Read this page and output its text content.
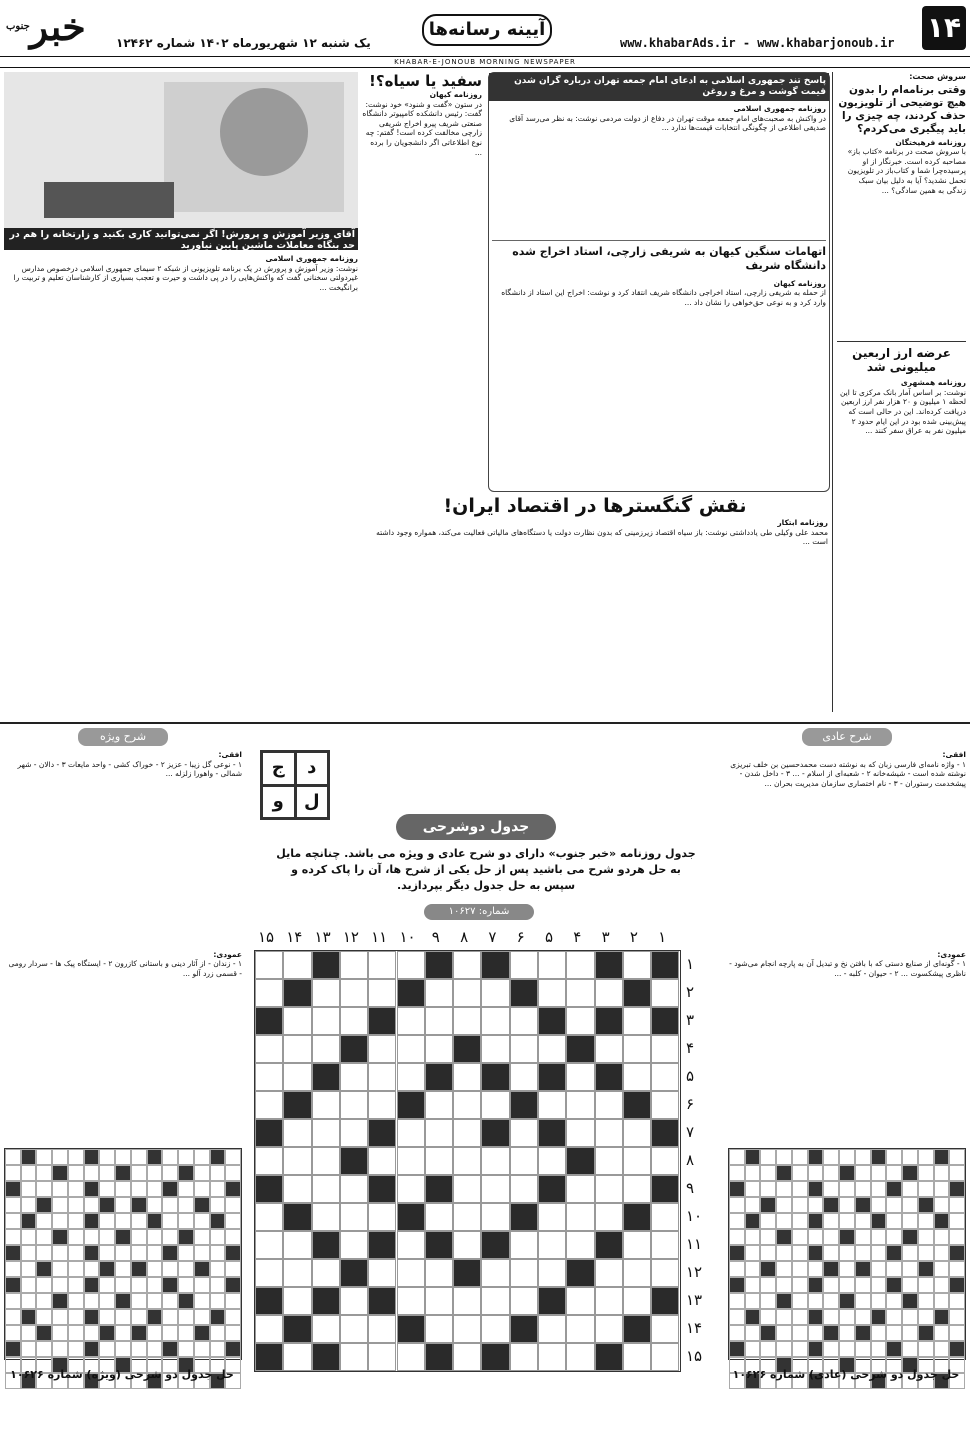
۱۴
www.khabarAds.ir - www.khabarjonoub.ir
آیینه رسانه‌ها
خبر$^{جنوب}$
یک شنبه ۱۲ شهریورماه ۱۴۰۲ شماره ۱۲۴۶۲
KHABAR-E-JONOUB MORNING NEWSPAPER
سروش صحت:
وقتی برنامه‌ام را بدون هیچ توضیحی از تلویزیون حذف کردند، چه چیزی را باید پیگیری می‌کردم؟
روزنامه فرهیختگان
با سروش صحت در برنامه «کتاب باز» مصاحبه کرده است. خبرنگار از او پرسیده‌چرا شما و کتاب‌باز در تلویزیون تحمل نشدید؟ آیا به دلیل بیان سبک زندگی به همین سادگی؟ ...
عرضه ارز اربعین میلیونی شد
روزنامه همشهری
نوشت: بر اساس آمار بانک مرکزی تا این لحظه ۱ میلیون و ۲۰ هزار نفر ارز اربعین دریافت کرده‌اند. این در حالی است که پیش‌بینی شده بود در این ایام حدود ۲ میلیون نفر به عراق سفر کنند ...
پاسخ تند جمهوری اسلامی به ادعای امام جمعه تهران درباره گران شدن قیمت گوشت و مرغ و روغن
روزنامه جمهوری اسلامی
در واکنش به صحبت‌های امام جمعه موقت تهران در دفاع از دولت مردمی نوشت: به نظر می‌رسد آقای صدیقی اطلاعی از چگونگی انتخابات قیمت‌ها ندارد ...
اتهامات سنگین کیهان به شریفی زارچی، استاد اخراج شده دانشگاه شریف
روزنامه کیهان
از حمله به شریفی زارچی، استاد اخراجی دانشگاه شریف انتقاد کرد و نوشت: اخراج این استاد از دانشگاه وارد کرد و به نوعی حق‌خواهی را نشان داد ...
سفید یا سیاه؟!
روزنامه کیهان
در ستون «گفت و شنود» خود نوشت: گفت: رئیس دانشکده کامپیوتر دانشگاه صنعتی شریف پیرو اخراج شریفی زارچی مخالفت کرده است! گفتم: چه نوع اطلاعاتی اگر دانشجویان را برده ...
آقای وزیر آموزش و پرورش! اگر نمی‌توانید کاری بکنید و زارتخانه را هم در حد بنگاه معاملات ماشین پایین نیاورید
روزنامه جمهوری اسلامی
نوشت: وزیر آموزش و پرورش در یک برنامه تلویزیونی از شبکه ۲ سیمای جمهوری اسلامی درخصوص مدارس غیردولتی سخنانی گفت که واکنش‌هایی را در پی داشت و حیرت و تعجب بسیاری از کارشناسان تعلیم و تربیت را برانگیخت ...
نقش گنگسترها در اقتصاد ایران!
روزنامه ابتکار
محمد علی وکیلی طی یادداشتی نوشت: باز سیاه اقتصاد زیرزمینی که بدون نظارت دولت یا دستگاه‌های مالیاتی فعالیت می‌کند، همواره وجود داشته است ...
شرح عادی
افقی:
۱ - واژه نامه‌ای فارسی زبان که به نوشته دست محمدحسین بن خلف تبریزی نوشته شده است - شیشه‌خانه ۲ - شعبه‌ای از اسلام - ... ۳ - داخل شدن - پیشخدمت رستوران - ۳ - نام اختصاری سازمان مدیریت بحران ...
عمودی:
۱ - گونه‌ای از صنایع دستی که با بافتن نخ و تبدیل آن به پارچه انجام می‌شود - ناظری پیشکسوت ... ۲ - حیوان - کلبه - ...
حل جدول دو شرحی (عادی) شماره ۱۰۶۲۶
شرح ویژه
افقی:
۱ - نوعی گل زیبا - عزیز ۲ - خوراک کشی - واحد مایعات ۳ - دالان - شهر شمالی - واهورا زلزله ...
عمودی:
۱ - زندان - از آثار دینی و باستانی کازرون ۲ - ایستگاه پیک ها - سردار رومی - قسمی زرد آلو ...
حل جدول دو شرحی (ویژه) شماره ۱۰۶۲۶
ج	د
و	ل
جدول دوشرحی
جدول روزنامه «خبر جنوب» دارای دو شرح عادی و ویژه می باشد. چنانچه مایل به حل هردو شرح می باشید پس از حل یکی از شرح ها، آن را پاک کرده و سپس به حل جدول دیگر بپردازید.
شماره: ۱۰۶۲۷
۱۵ ۱۴ ۱۳ ۱۲ ۱۱ ۱۰	۹	۸	۷	۶	۵	۴	۳	۲	۱
۱
۲
۳
۴
۵
۶
۷
۸
۹
۱۰
۱۱
۱۲
۱۳
۱۴
۱۵
